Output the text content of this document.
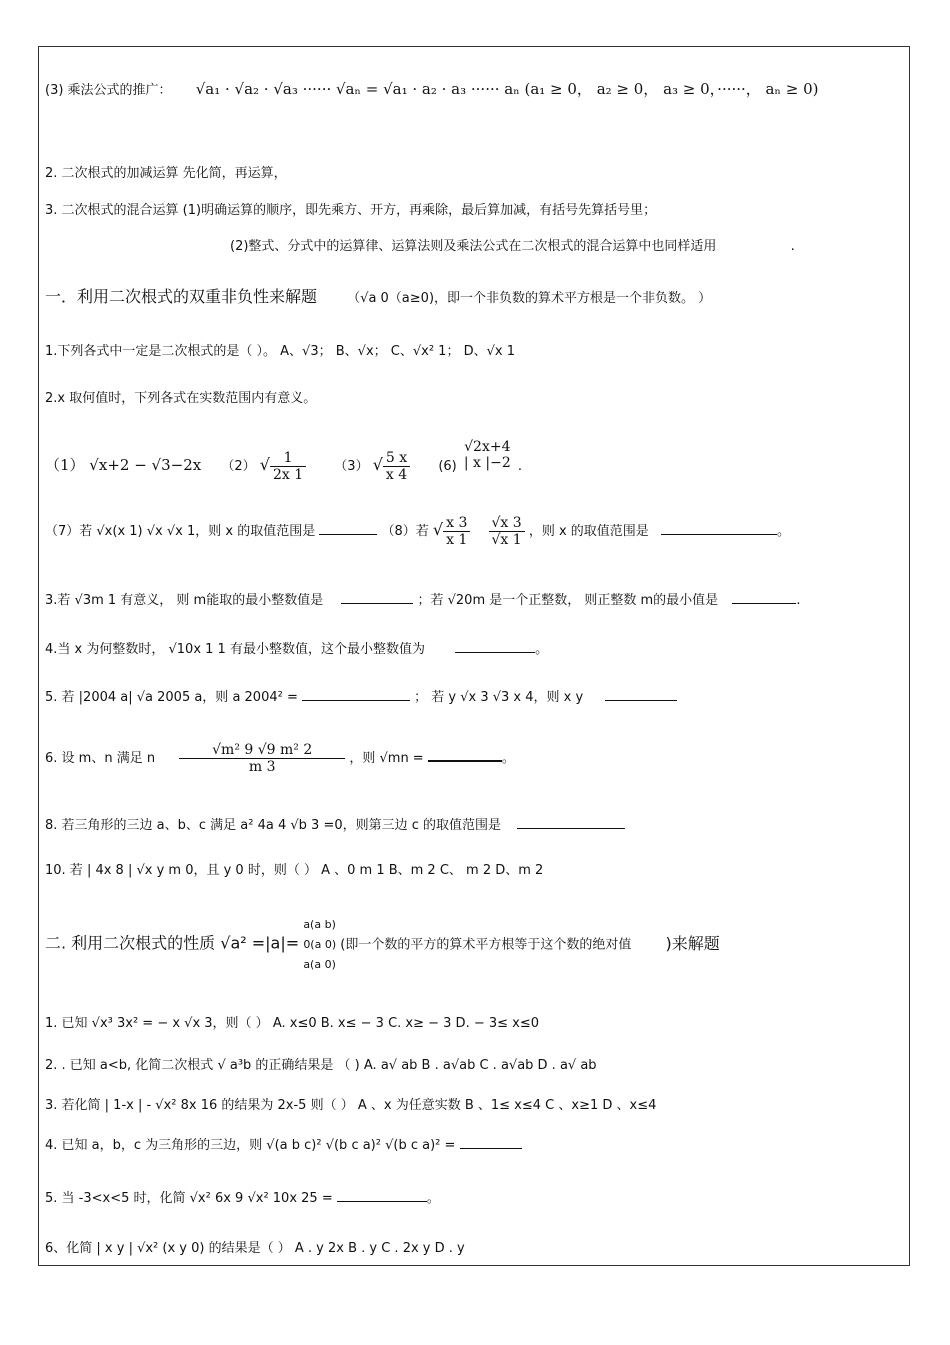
(3) 乘法公式的推广： √a₁ · √a₂ · √a₃ ······ √aₙ = √a₁ · a₂ · a₃ ······ aₙ (a₁ ≥ 0， a₂ ≥ 0， a₃ ≥ 0，······， aₙ ≥ 0)
2. 二次根式的加减运算 先化简，再运算，
3. 二次根式的混合运算 (1)明确运算的顺序，即先乘方、开方，再乘除，最后算加减，有括号先算括号里；
(2)整式、分式中的运算律、运算法则及乘法公式在二次根式的混合运算中也同样适用	.
一．利用二次根式的双重非负性来解题 （√a 0（a≥0)，即一个非负数的算术平方根是一个非负数。 ）
1.下列各式中一定是二次根式的是（ ）。 A、√3； B、√x； C、√x² 1； D、√x 1
2.x 取何值时，下列各式在实数范围内有意义。
（1） √x+2 − √3−2x （2） √ $\frac{1}{2x 1} (3)$ √ $\frac{5 x}{x 4} (6)$
√2x+4
| x |−2 .
（7）若 √x(x 1) √x √x 1，则 x 的取值范围是	（8）若 √ $\frac{x 3}{x 1}$
$\frac{√x 3}{√x 1}$ ，则 x 的取值范围是	。
3.若 √3m 1 有意义， 则 m能取的最小整数值是	；若 √20m 是一个正整数， 则正整数 m的最小值是	.
4.当 x 为何整数时， √10x 1 1 有最小整数值，这个最小整数值为	。
5. 若 |2004 a| √a 2005 a，则 a 2004² =	； 若 y √x 3 √3 x 4，则 x y
6. 设 m、n 满足 n $\frac{\text{√m² 9 √9 m² 2}}{m 3}$ ，则 √mn =	。
8. 若三角形的三边 a、b、c 满足 a² 4a 4 √b 3 =0，则第三边 c 的取值范围是
10. 若 | 4x 8 | √x y m 0，且 y 0 时，则（ ） A 、0 m 1 B、m 2 C、 m 2 D、m 2
二. 利用二次根式的性质 √a² =|a|=
a(a b)
0(a 0)
a(a 0)
(即一个数的平方的算术平方根等于这个数的绝对值 )来解题
1. 已知 √x³ 3x² = − x √x 3，则（ ） A. x≤0 B. x≤ − 3 C. x≥ − 3 D. − 3≤ x≤0
2. . 已知 a<b, 化简二次根式 √ a³b 的正确结果是 （ ) A. a√ ab B . a√ab C . a√ab D . a√ ab
3. 若化简 | 1-x | - √x² 8x 16 的结果为 2x-5 则（ ） A 、x 为任意实数 B 、1≤ x≤4 C 、x≥1 D 、x≤4
4. 已知 a，b，c 为三角形的三边，则 √(a b c)² √(b c a)² √(b c a)² =
5. 当 -3<x<5 时，化简 √x² 6x 9 √x² 10x 25 =	。
6、化简 | x y | √x² (x y 0) 的结果是（ ） A . y 2x B . y C . 2x y D . y
